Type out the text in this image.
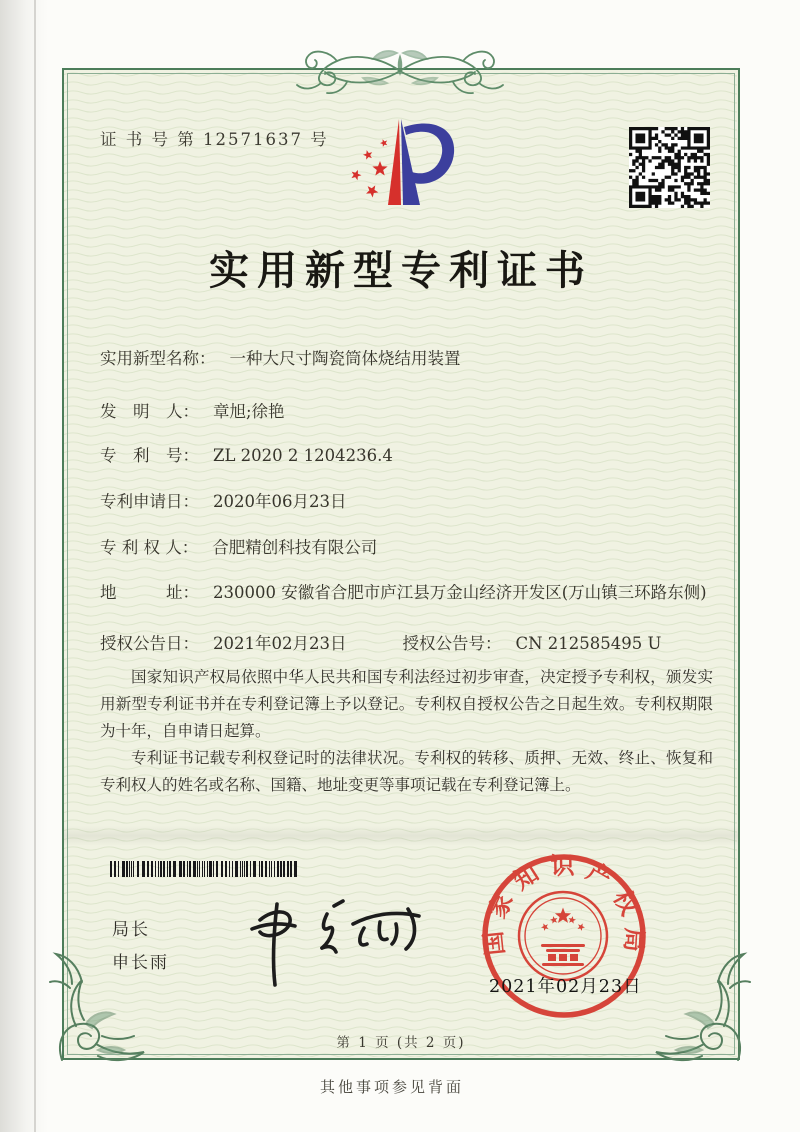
证 书 号 第 12571637 号
实用新型专利证书
实用新型名称： 一种大尺寸陶瓷筒体烧结用装置
发　明　人： 章旭;徐艳
专　利　号： ZL 2020 2 1204236.4
专利申请日： 2020年06月23日
专 利 权 人： 合肥精创科技有限公司
地　　　址： 230000 安徽省合肥市庐江县万金山经济开发区(万山镇三环路东侧)
授权公告日： 2021年02月23日	授权公告号： CN 212585495 U

国家知识产权局依照中华人民共和国专利法经过初步审查，决定授予专利权，颁发实用新型专利证书并在专利登记簿上予以登记。专利权自授权公告之日起生效。专利权期限为十年，自申请日起算。

专利证书记载专利权登记时的法律状况。专利权的转移、质押、无效、终止、恢复和专利权人的姓名或名称、国籍、地址变更等事项记载在专利登记簿上。

局长
申长雨
国家知识产权局
2021年02月23日
第 1 页 (共 2 页)
其他事项参见背面
